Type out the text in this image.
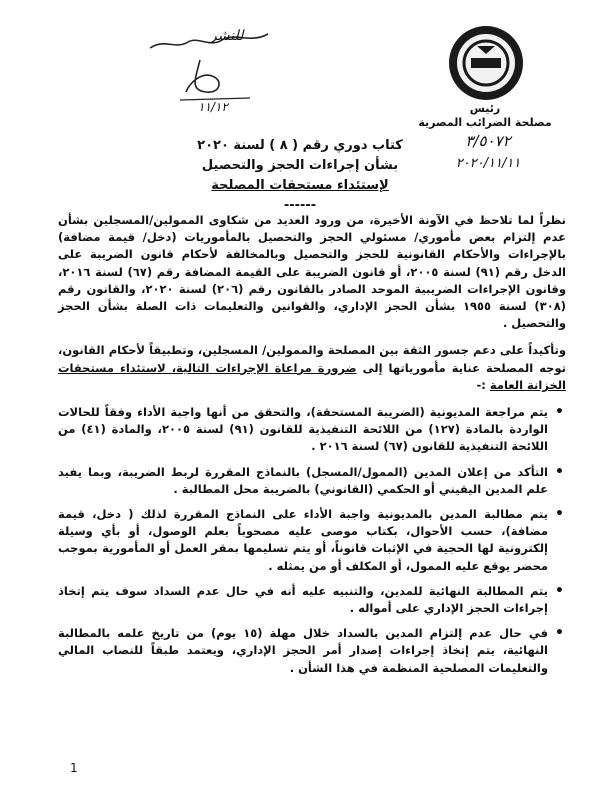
للنشر
١١/١٢	رئيس
مصلحة الضرائب المصرية
٣/٥٠٧٢
٢٠٢٠/١١/١١
كتاب دوري رقم ( ٨ ) لسنة ٢٠٢٠
بشأن إجراءات الحجز والتحصيل
لإستئداء مستحقات المصلحة
------

نظراً لما تلاحظ في الآونة الأخيرة، من ورود العديد من شكاوى الممولين/المسجلين بشأن عدم إلتزام بعض مأموري/ مسئولي الحجز والتحصيل بالمأموريات (دخل/ قيمة مضافة) بالإجراءات والأحكام القانونية للحجز والتحصيل وبالمخالفة لأحكام قانون الضريبة على الدخل رقم (٩١) لسنة ٢٠٠٥، أو قانون الضريبة على القيمة المضافة رقم (٦٧) لسنة ٢٠١٦، وقانون الإجراءات الضريبية الموحد الصادر بالقانون رقم (٢٠٦) لسنة ٢٠٢٠، والقانون رقم (٣٠٨) لسنة ١٩٥٥ بشأن الحجز الإداري، والقوانين والتعليمات ذات الصلة بشأن الحجز والتحصيل .

وتأكيداً على دعم جسور الثقة بين المصلحة والممولين/ المسجلين، وتطبيقاً لأحكام القانون، توجه المصلحة عناية مأمورياتها إلى ضرورة مراعاة الإجراءات التالية، لاستئداء مستحقات الخزانة العامة :-

• يتم مراجعة المديونية (الضريبة المستحقة)، والتحقق من أنها واجبة الأداء وفقاً للحالات الواردة بالمادة (١٢٧) من اللائحة التنفيذية للقانون (٩١) لسنة ٢٠٠٥، والمادة (٤١) من اللائحة التنفيذية للقانون (٦٧) لسنة ٢٠١٦ .
• التأكد من إعلان المدين (الممول/المسجل) بالنماذج المقررة لربط الضريبة، وبما يفيد علم المدين اليقيني أو الحكمي (القانوني) بالضريبة محل المطالبة .
• يتم مطالبة المدين بالمديونية واجبة الأداء على النماذج المقررة لذلك ( دخل، قيمة مضافة)، حسب الأحوال، بكتاب موصى عليه مصحوباً بعلم الوصول، أو بأي وسيلة إلكترونية لها الحجية في الإثبات قانوناً، أو يتم تسليمها بمقر العمل أو المأمورية بموجب محضر يوقع عليه الممول، أو المكلف أو من يمثله .
• يتم المطالبة النهائية للمدين، والتنبيه عليه أنه في حال عدم السداد سوف يتم إتخاذ إجراءات الحجز الإداري على أمواله .
• في حال عدم إلتزام المدين بالسداد خلال مهلة (١٥ يوم) من تاريخ علمه بالمطالبة النهائية، يتم إتخاذ إجراءات إصدار أمر الحجز الإداري، ويعتمد طبقاً للنصاب المالي والتعليمات المصلحية المنظمة في هذا الشأن .
1
